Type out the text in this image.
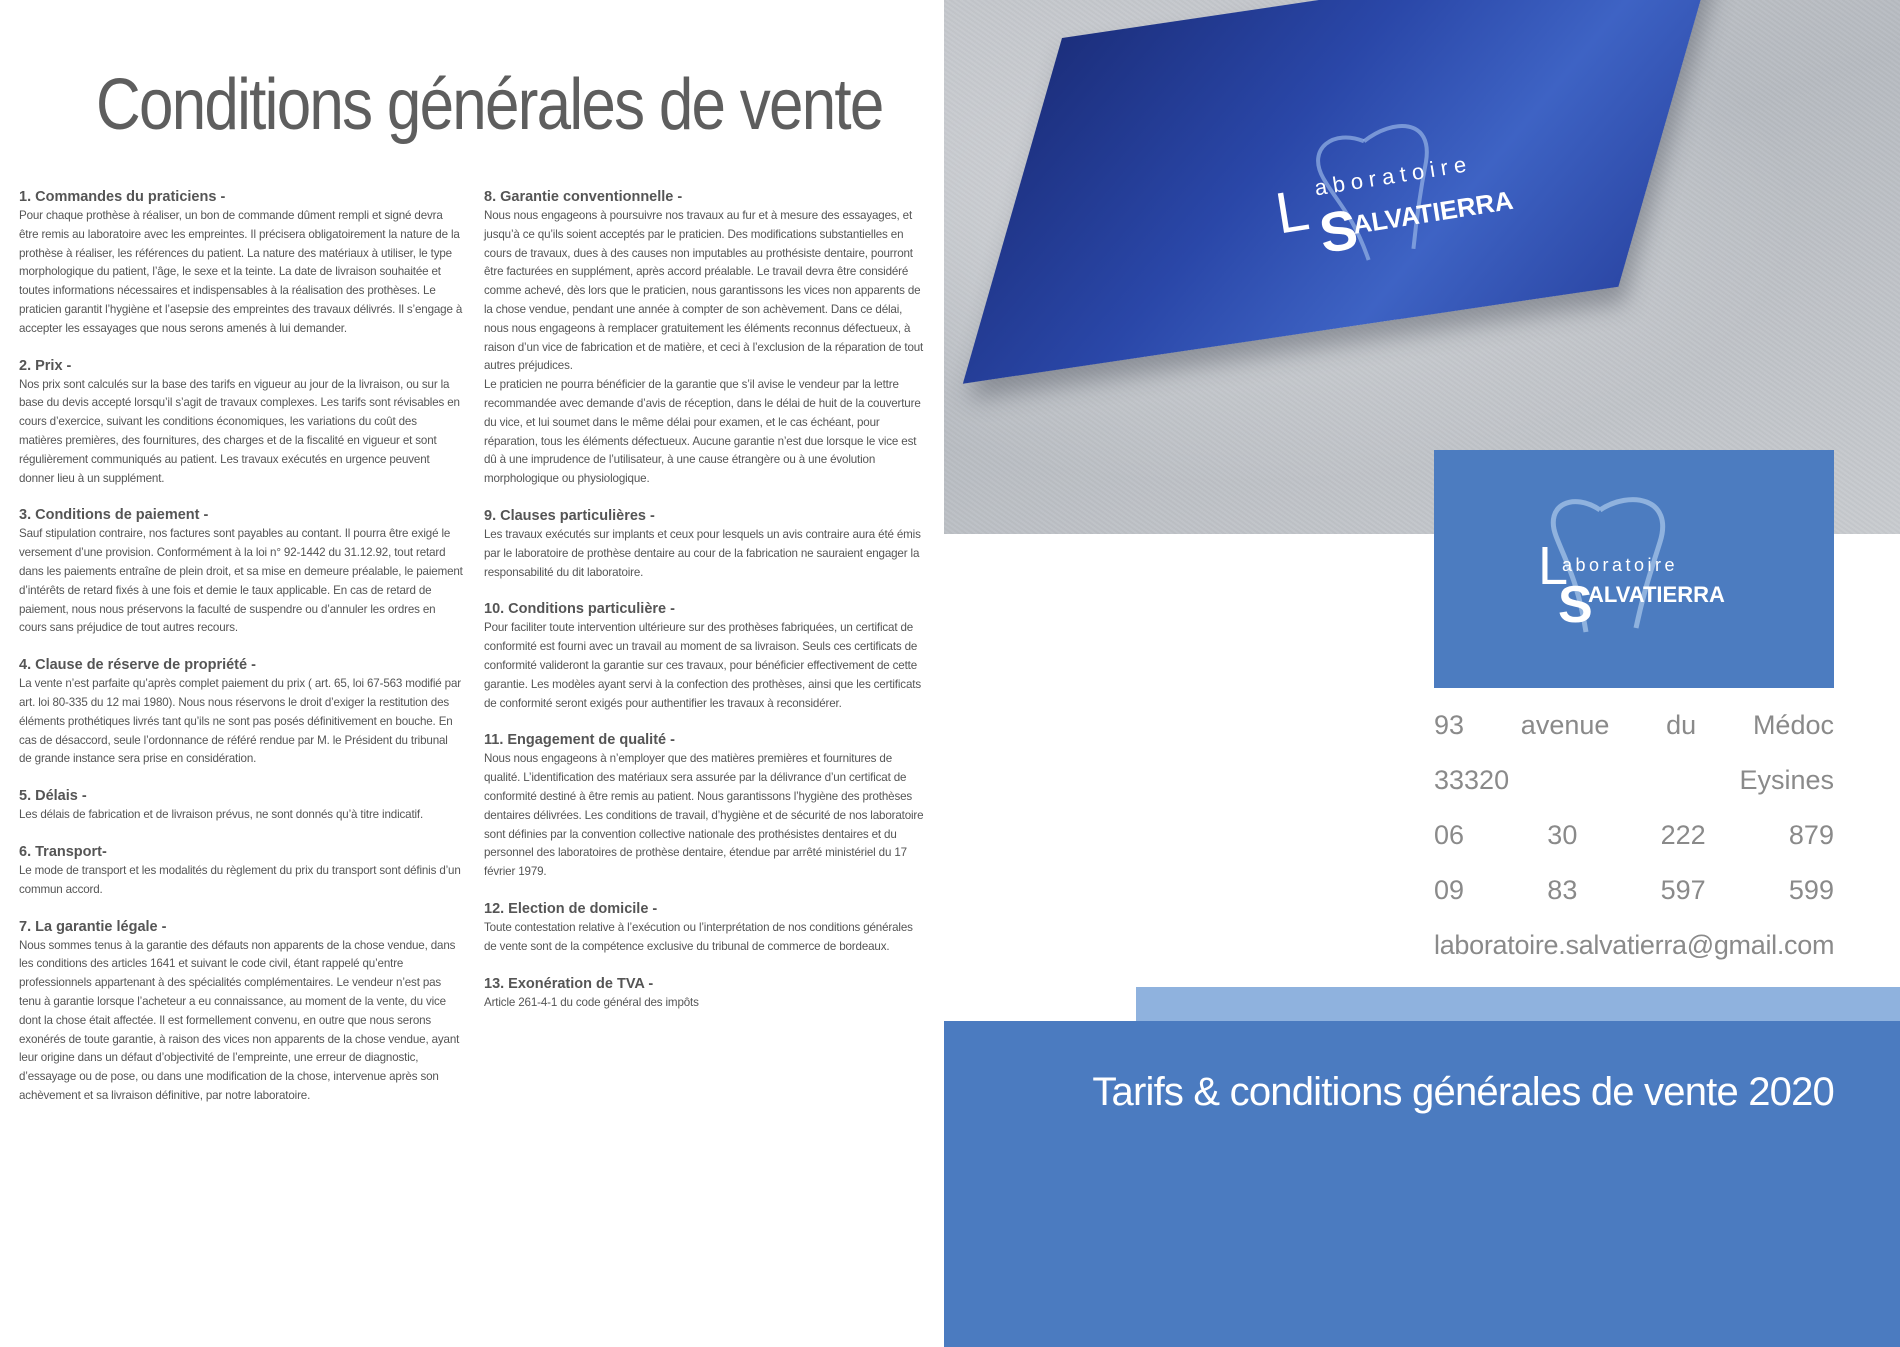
Conditions générales de vente
1. Commandes du praticiens -

Pour chaque prothèse à réaliser, un bon de commande dûment rempli et signé devra être remis au laboratoire avec les empreintes. Il précisera obligatoirement la nature de la prothèse à réaliser, les références du patient. La nature des matériaux à utiliser, le type morphologique du patient, l’âge, le sexe et la teinte. La date de livraison souhaitée et toutes informations nécessaires et indispensables à la réalisation des prothèses. Le praticien garantit l’hygiène et l’asepsie des empreintes des travaux délivrés. Il s’engage à accepter les essayages que nous serons amenés à lui demander.

2. Prix -

Nos prix sont calculés sur la base des tarifs en vigueur au jour de la livraison, ou sur la base du devis accepté lorsqu’il s’agit de travaux complexes. Les tarifs sont révisables en cours d’exercice, suivant les conditions économiques, les variations du coût des matières premières, des fournitures, des charges et de la fiscalité en vigueur et sont régulièrement communiqués au patient. Les travaux exécutés en urgence peuvent donner lieu à un supplément.

3. Conditions de paiement -

Sauf stipulation contraire, nos factures sont payables au contant. Il pourra être exigé le versement d’une provision. Conformément à la loi n° 92-1442 du 31.12.92, tout retard dans les paiements entraîne de plein droit, et sa mise en demeure préalable, le paiement d’intérêts de retard fixés à une fois et demie le taux applicable. En cas de retard de paiement, nous nous préservons la faculté de suspendre ou d’annuler les ordres en cours sans préjudice de tout autres recours.

4. Clause de réserve de propriété -

La vente n’est parfaite qu’après complet paiement du prix ( art. 65, loi 67-563 modifié par art. loi 80-335 du 12 mai 1980). Nous nous réservons le droit d’exiger la restitution des éléments prothétiques livrés tant qu’ils ne sont pas posés définitivement en bouche. En cas de désaccord, seule l’ordonnance de référé rendue par M. le Président du tribunal de grande instance sera prise en considération.

5. Délais -

Les délais de fabrication et de livraison prévus, ne sont donnés qu’à titre indicatif.

6. Transport-

Le mode de transport et les modalités du règlement du prix du transport sont définis d’un commun accord.

7. La garantie légale -

Nous sommes tenus à la garantie des défauts non apparents de la chose vendue, dans les conditions des articles 1641 et suivant le code civil, étant rappelé qu’entre professionnels appartenant à des spécialités complémentaires. Le vendeur n’est pas tenu à garantie lorsque l’acheteur a eu connaissance, au moment de la vente, du vice dont la chose était affectée. Il est formellement convenu, en outre que nous serons exonérés de toute garantie, à raison des vices non apparents de la chose vendue, ayant leur origine dans un défaut d’objectivité de l’empreinte, une erreur de diagnostic, d’essayage ou de pose, ou dans une modification de la chose, intervenue après son achèvement et sa livraison définitive, par notre laboratoire.

8. Garantie conventionnelle -

Nous nous engageons à poursuivre nos travaux au fur et à mesure des essayages, et jusqu’à ce qu’ils soient acceptés par le praticien. Des modifications substantielles en cours de travaux, dues à des causes non imputables au prothésiste dentaire, pourront être facturées en supplément, après accord préalable. Le travail devra être considéré comme achevé, dès lors que le praticien, nous garantissons les vices non apparents de la chose vendue, pendant une année à compter de son achèvement. Dans ce délai, nous nous engageons à remplacer gratuitement les éléments reconnus défectueux, à raison d’un vice de fabrication et de matière, et ceci à l’exclusion de la réparation de tout autres préjudices.

Le praticien ne pourra bénéficier de la garantie que s’il avise le vendeur par la lettre recommandée avec demande d’avis de réception, dans le délai de huit de la couverture du vice, et lui soumet dans le même délai pour examen, et le cas échéant, pour réparation, tous les éléments défectueux. Aucune garantie n’est due lorsque le vice est dû à une imprudence de l’utilisateur, à une cause étrangère ou à une évolution morphologique ou physiologique.

9. Clauses particulières -

Les travaux exécutés sur implants et ceux pour lesquels un avis contraire aura été émis par le laboratoire de prothèse dentaire au cour de la fabrication ne sauraient engager la responsabilité du dit laboratoire.

10. Conditions particulière -

Pour faciliter toute intervention ultérieure sur des prothèses fabriquées, un certificat de conformité est fourni avec un travail au moment de sa livraison. Seuls ces certificats de conformité valideront la garantie sur ces travaux, pour bénéficier effectivement de cette garantie. Les modèles ayant servi à la confection des prothèses, ainsi que les certificats de conformité seront exigés pour authentifier les travaux à reconsidérer.

11. Engagement de qualité -

Nous nous engageons à n’employer que des matières premières et fournitures de qualité. L’identification des matériaux sera assurée par la délivrance d’un certificat de conformité destiné à être remis au patient. Nous garantissons l’hygiène des prothèses dentaires délivrées. Les conditions de travail, d’hygiène et de sécurité de nos laboratoire sont définies par la convention collective nationale des prothésistes dentaires et du personnel des laboratoires de prothèse dentaire, étendue par arrêté ministériel du 17 février 1979.

12. Election de domicile -

Toute contestation relative à l’exécution ou l’interprétation de nos conditions générales de vente sont de la compétence exclusive du tribunal de commerce de bordeaux.

13. Exonération de TVA -

Article 261-4-1 du code général des impôts

L
aboratoire
S
ALVATIERRA
L
aboratoire
S
ALVATIERRA
93 avenue du Médoc
33320	Eysines
06	30	222	879
09	83	597	599
laboratoire.salvatierra@gmail.com
Tarifs & conditions générales de vente 2020
